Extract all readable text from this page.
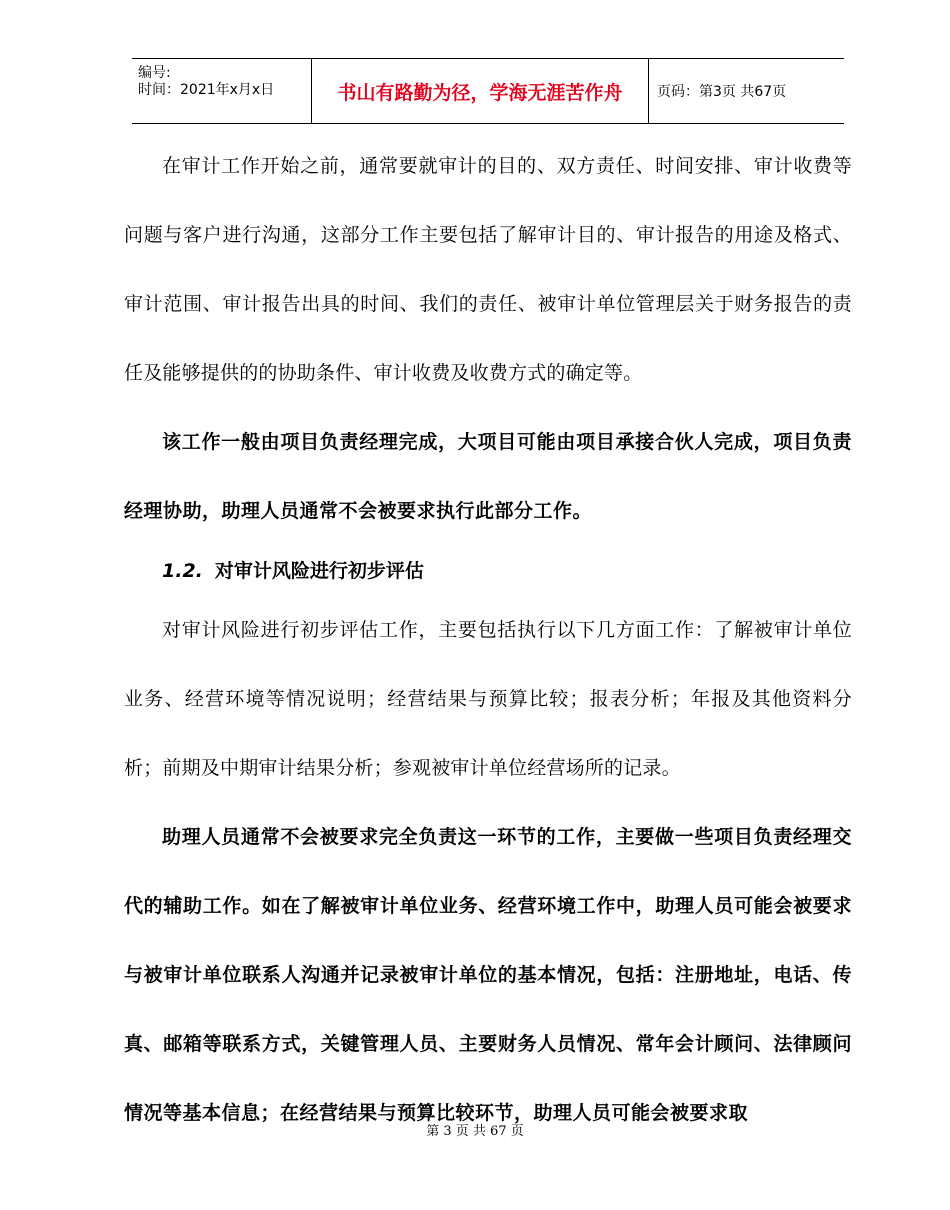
编号:
时间：2021年x月x日	书山有路勤为径，学海无涯苦作舟	页码：第3页 共67页

在审计工作开始之前，通常要就审计的目的、双方责任、时间安排、审计收费等问题与客户进行沟通，这部分工作主要包括了解审计目的、审计报告的用途及格式、审计范围、审计报告出具的时间、我们的责任、被审计单位管理层关于财务报告的责任及能够提供的的协助条件、审计收费及收费方式的确定等。

该工作一般由项目负责经理完成，大项目可能由项目承接合伙人完成，项目负责经理协助，助理人员通常不会被要求执行此部分工作。

1.2. 对审计风险进行初步评估

对审计风险进行初步评估工作，主要包括执行以下几方面工作：了解被审计单位业务、经营环境等情况说明；经营结果与预算比较；报表分析；年报及其他资料分析；前期及中期审计结果分析；参观被审计单位经营场所的记录。

助理人员通常不会被要求完全负责这一环节的工作，主要做一些项目负责经理交代的辅助工作。如在了解被审计单位业务、经营环境工作中，助理人员可能会被要求与被审计单位联系人沟通并记录被审计单位的基本情况，包括：注册地址，电话、传真、邮箱等联系方式，关键管理人员、主要财务人员情况、常年会计顾问、法律顾问情况等基本信息；在经营结果与预算比较环节，助理人员可能会被要求取

第 3 页 共 67 页
